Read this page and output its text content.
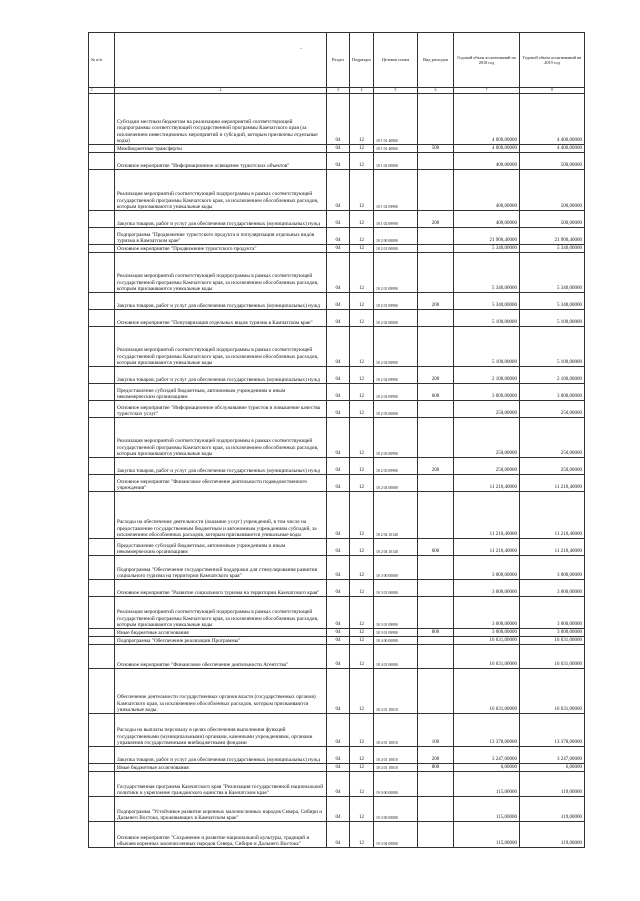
-
№ п/п		Раздел	Подраздел	Целевая статья	Вид расходов	Годовой объем ассигнований на 2018 год	Годовой объем ассигнований на 2019 год
1	2	3	4	5	6	7	8
	Субсидии местным бюджетам на реализацию мероприятий соответствующей подпрограммы соответствующей государственной программы Камчатского края (за исключением инвестиционных мероприятий и субсидий, которым присвоены отдельные коды)	04	12	18 1 01 40060		4 000,00000	4 400,00000
	Межбюджетные трансферты	04	12	18 1 01 40060	500	4 000,00000	4 400,00000
	Основное мероприятие "Информационное освещение туристских объектов"	04	12	18 1 02 00000		400,00000	500,00000
	Реализация мероприятий соответствующей подпрограммы в рамках соответствующей государственной программы Камчатского края, за исключением обособленных расходов, которым присваиваются уникальные коды	04	12	18 1 02 09990		400,00000	500,00000
	Закупка товаров, работ и услуг для обеспечения государственных (муниципальных) нужд	04	12	18 1 02 09990	200	400,00000	500,00000
	Подпрограмма "Продвижение туристского продукта и популяризация отдельных видов туризма в Камчатском крае"	04	12	18 2 00 00000		21 900,40000	21 900,40000
	Основное мероприятие "Продвижение туристского продукта"	04	12	18 2 01 00000		5 340,00000	5 340,00000
	Реализация мероприятий соответствующей подпрограммы в рамках соответствующей государственной программы Камчатского края, за исключением обособленных расходов, которым присваиваются уникальные коды	04	12	18 2 01 09990		5 340,00000	5 340,00000
	Закупка товаров, работ и услуг для обеспечения государственных (муниципальных) нужд	04	12	18 2 01 09990	200	5 340,00000	5 340,00000
	Основное мероприятие "Популяризация отдельных видов туризма в Камчатском крае"	04	12	18 2 02 00000		5 100,00000	5 100,00000
	Реализация мероприятий соответствующей подпрограммы в рамках соответствующей государственной программы Камчатского края, за исключением обособленных расходов, которым присваиваются уникальные коды	04	12	18 2 02 09990		5 100,00000	5 100,00000
	Закупка товаров, работ и услуг для обеспечения государственных (муниципальных) нужд	04	12	18 2 02 09990	200	2 100,00000	2 100,00000
	Предоставление субсидий бюджетным, автономным учреждениям и иным некоммерческим организациям	04	12	18 2 02 09990	600	3 000,00000	3 000,00000
	Основное мероприятие "Информационное обслуживание туристов и повышение качества туристских услуг"	04	12	18 2 03 00000		250,00000	250,00000
	Реализация мероприятий соответствующей подпрограммы в рамках соответствующей государственной программы Камчатского края, за исключением обособленных расходов, которым присваиваются уникальные коды	04	12	18 2 03 09990		250,00000	250,00000
	Закупка товаров, работ и услуг для обеспечения государственных (муниципальных) нужд	04	12	18 2 03 09990	200	250,00000	250,00000
	Основное мероприятие "Финансовое обеспечение деятельности подведомственного учреждения"	04	12	18 2 04 00000		11 210,40000	11 210,40000
	Расходы на обеспечение деятельности (оказание услуг) учреждений, в том числе на предоставление государственным бюджетным и автономным учреждениям субсидий, за исключением обособленных расходов, которым присваиваются уникальные коды	04	12	18 2 04 10140		11 210,40000	11 210,40000
	Предоставление субсидий бюджетным, автономным учреждениям и иным некоммерческим организациям	04	12	18 2 04 10140	600	11 210,40000	11 210,40000
	Подпрограмма "Обеспечение государственной поддержки для стимулирования развития социального туризма на территории Камчатского края"	04	12	18 3 00 00000		3 000,00000	3 000,00000
	Основное мероприятие "Развитие социального туризма на территории Камчатского края"	04	12	18 3 01 00000		3 000,00000	3 000,00000
	Реализация мероприятий соответствующей подпрограммы в рамках соответствующей государственной программы Камчатского края, за исключением обособленных расходов, которым присваиваются уникальные коды	04	12	18 3 01 09990		3 000,00000	3 000,00000
	Иные бюджетные ассигнования	04	12	18 3 01 09990	800	3 000,00000	3 000,00000
	Подпрограмма "Обеспечение реализации Программы"	04	12	18 4 00 00000		16 631,00000	16 631,00000
	Основное мероприятие "Финансовое обеспечение деятельности Агентства"	04	12	18 4 01 00000		16 631,00000	16 631,00000
	Обеспечение деятельности государственных органов власти (государственных органов) Камчатского края, за исключением обособленных расходов, которым присваиваются уникальные коды.	04	12	18 4 01 10010		16 631,00000	16 631,00000
	Расходы на выплаты персоналу в целях обеспечения выполнения функций государственными (муниципальными) органами, казенными учреждениями, органами управления государственными внебюджетными фондами	04	12	18 4 01 10010	100	13 378,00000	13 378,00000
	Закупка товаров, работ и услуг для обеспечения государственных (муниципальных) нужд	04	12	18 4 01 10010	200	3 247,00000	3 247,00000
	Иные бюджетные ассигнования	04	12	18 4 01 10010	800	6,00000	6,00000
	Государственная программа Камчатского края "Реализация государственной национальной политики и укрепление гражданского единства в Камчатском крае"	04	12	19 0 00 00000		115,00000	119,00000
	Подпрограмма "Устойчивое развитие коренных малочисленных народов Севера, Сибири и Дальнего Востока, проживающих в Камчатском крае"	04	12	19 3 00 00000		115,00000	119,00000
	Основное мероприятие "Сохранение и развитие национальной культуры, традиций и обычаев коренных малочисленных народов Севера, Сибири и Дальнего Востока"	04	12	19 3 04 00000		115,00000	119,00000
